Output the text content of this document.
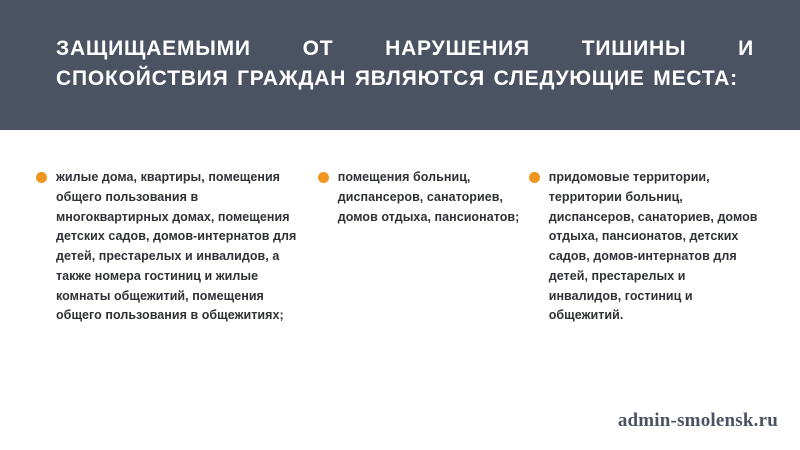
ЗАЩИЩАЕМЫМИ ОТ НАРУШЕНИЯ ТИШИНЫ И СПОКОЙСТВИЯ ГРАЖДАН ЯВЛЯЮТСЯ СЛЕДУЮЩИЕ МЕСТА:
жилые дома, квартиры, помещения общего пользования в многоквартирных домах, помещения детских садов, домов-интернатов для детей, престарелых и инвалидов, а также номера гостиниц и жилые комнаты общежитий, помещения общего пользования в общежитиях;
помещения больниц, диспансеров, санаториев, домов отдыха, пансионатов;
придомовые территории, территории больниц, диспансеров, санаториев, домов отдыха, пансионатов, детских садов, домов-интернатов для детей, престарелых и инвалидов, гостиниц и общежитий.
admin-smolensk.ru
